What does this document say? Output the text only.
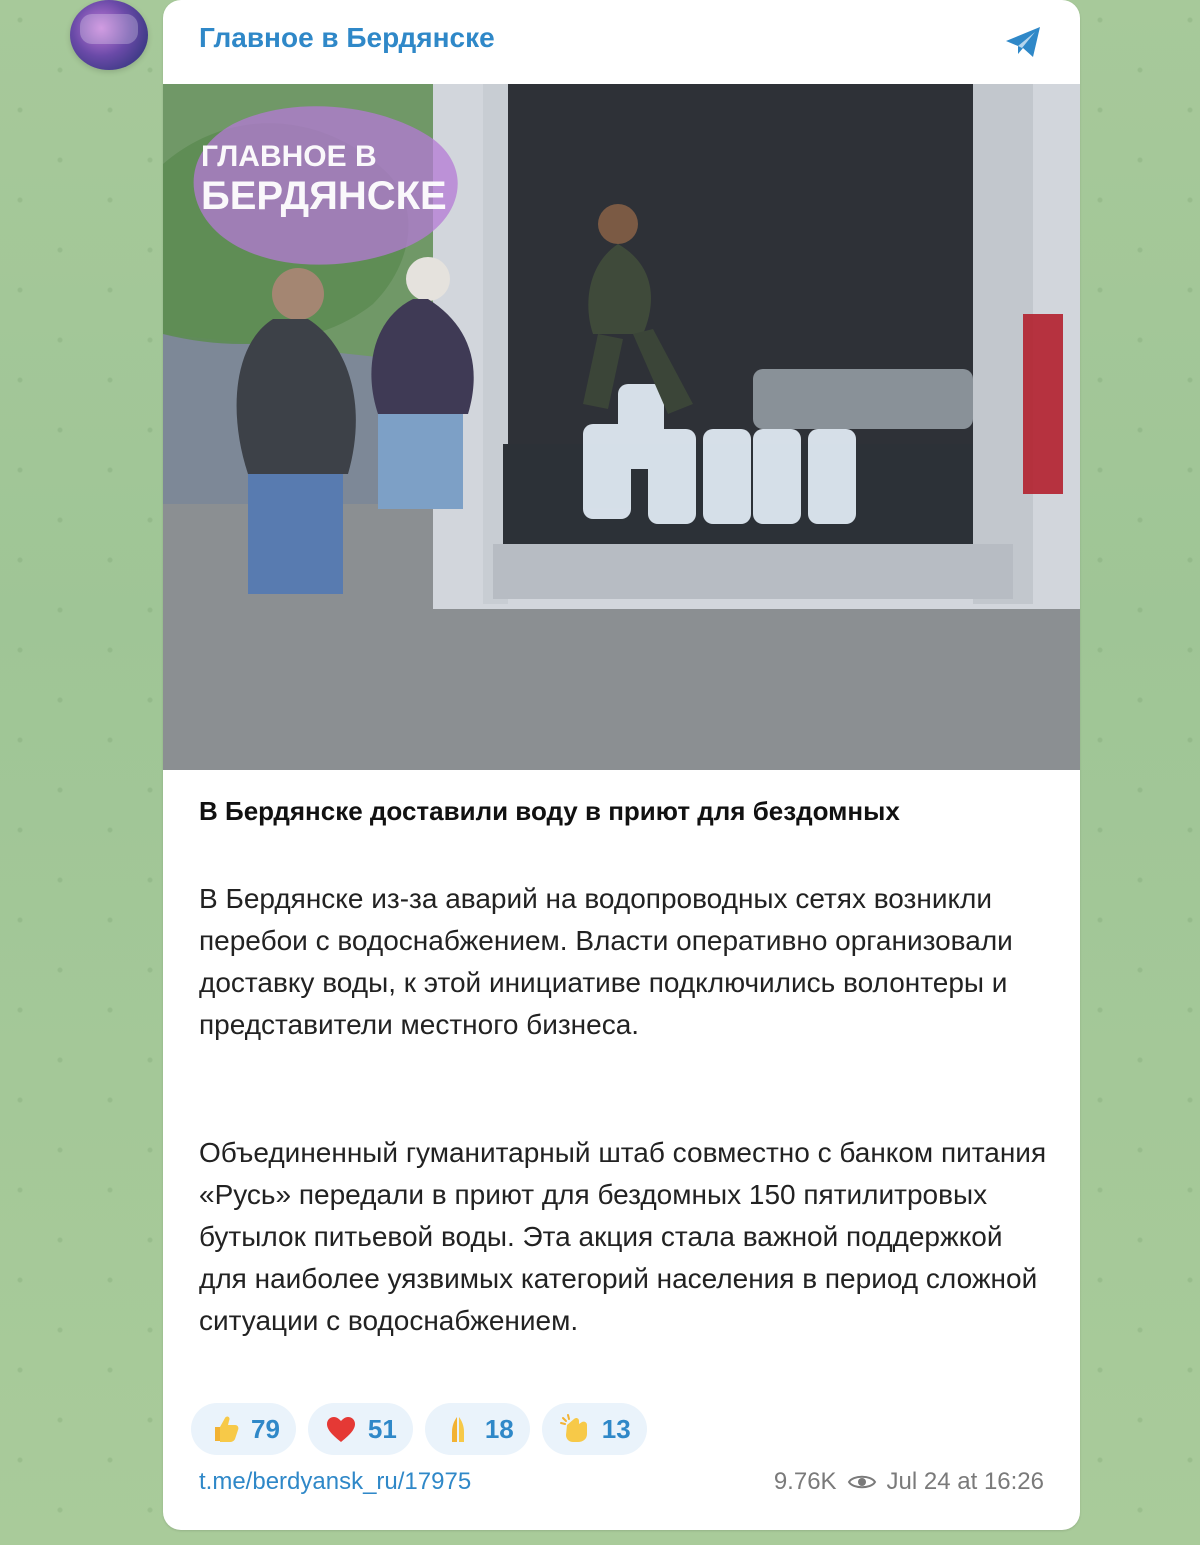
Главное в Бердянске
ГЛАВНОЕ В
БЕРДЯНСКЕ
В Бердянске доставили воду в приют для бездомных
В Бердянске из-за аварий на водопроводных сетях возникли перебои с водоснабжением. Власти оперативно организовали доставку воды, к этой инициативе подключились волонтеры и представители местного бизнеса.
Объединенный гуманитарный штаб совместно с банком питания «Русь» передали в приют для бездомных 150 пятилитровых бутылок питьевой воды. Эта акция стала важной поддержкой для наиболее уязвимых категорий населения в период сложной ситуации с водоснабжением.
79	51	18	13
t.me/berdyansk_ru/17975	9.76K Jul 24 at 16:26
